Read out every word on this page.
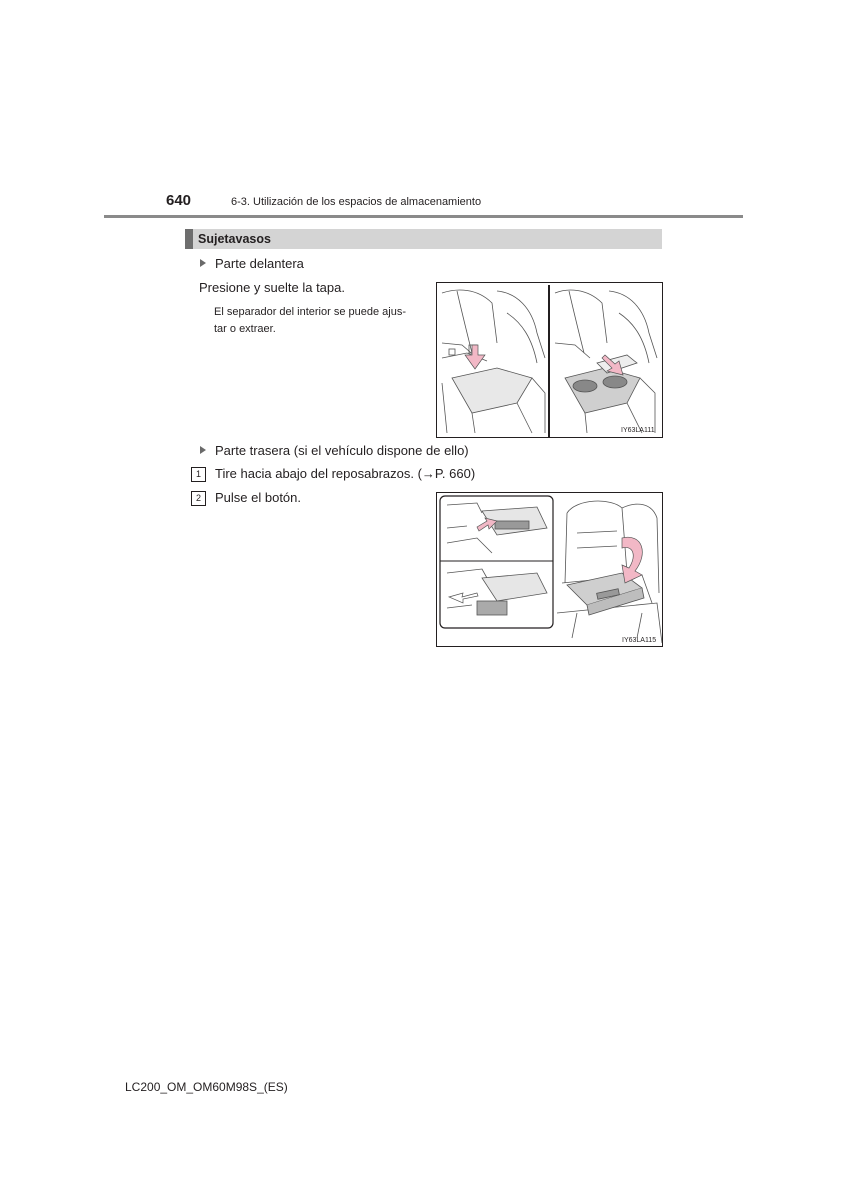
640	6-3. Utilización de los espacios de almacenamiento
Sujetavasos
Parte delantera
Presione y suelte la tapa.
El separador del interior se puede ajus-
tar o extraer.
IY63LA111
Parte trasera (si el vehículo dispone de ello)
1 Tire hacia abajo del reposabrazos. (→P. 660)
2 Pulse el botón.
IY63LA115
LC200_OM_OM60M98S_(ES)
